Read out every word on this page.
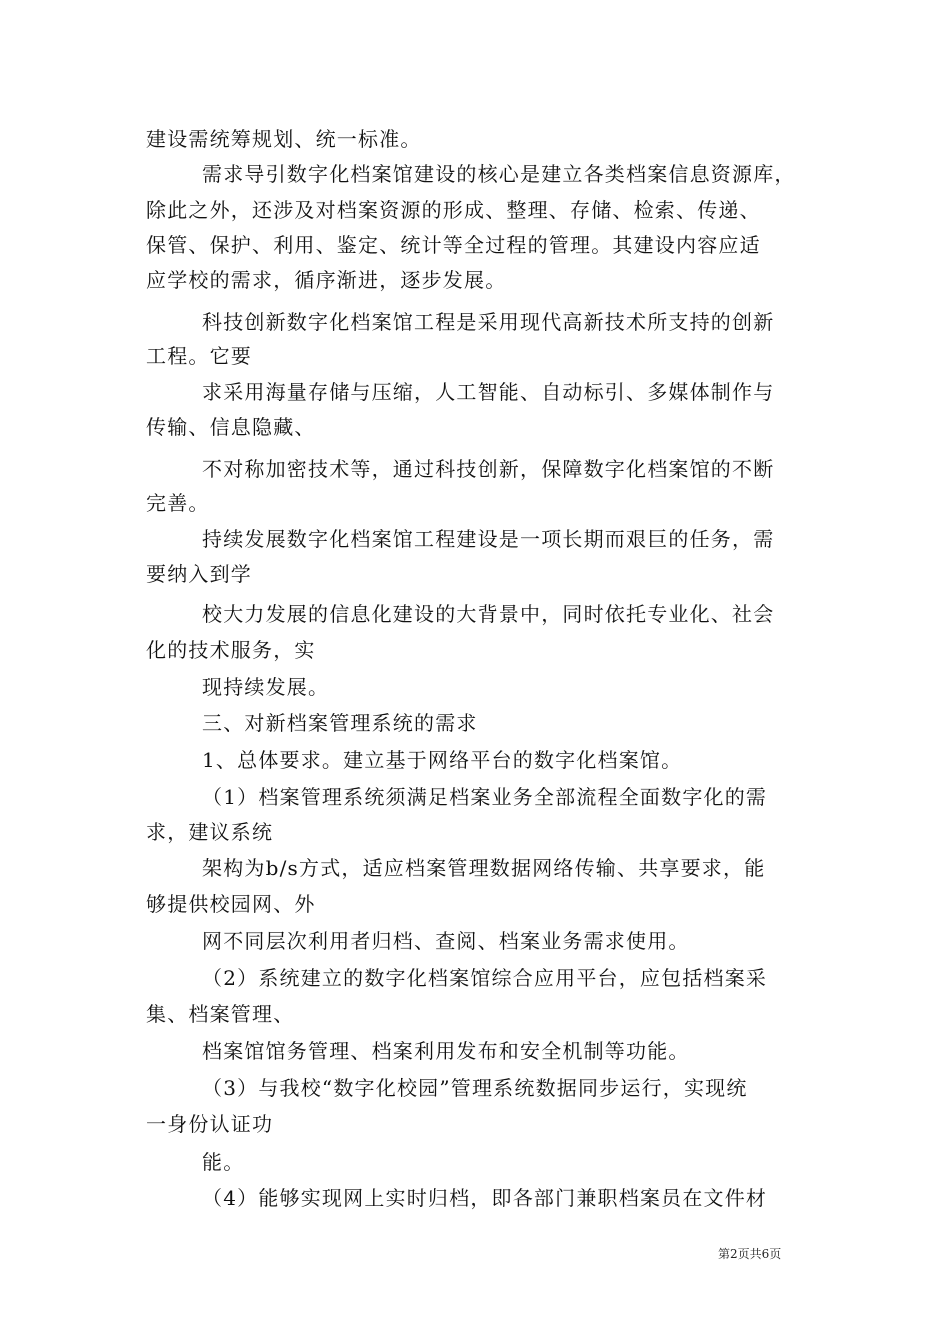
建设需统筹规划、统一标准。
需求导引数字化档案馆建设的核心是建立各类档案信息资源库，
除此之外，还涉及对档案资源的形成、整理、存储、检索、传递、
保管、保护、利用、鉴定、统计等全过程的管理。其建设内容应适
应学校的需求，循序渐进，逐步发展。
科技创新数字化档案馆工程是采用现代高新技术所支持的创新
工程。它要
求采用海量存储与压缩，人工智能、自动标引、多媒体制作与
传输、信息隐藏、
不对称加密技术等，通过科技创新，保障数字化档案馆的不断
完善。
持续发展数字化档案馆工程建设是一项长期而艰巨的任务，需
要纳入到学
校大力发展的信息化建设的大背景中，同时依托专业化、社会
化的技术服务，实
现持续发展。
三、对新档案管理系统的需求
1、总体要求。建立基于网络平台的数字化档案馆。
（1）档案管理系统须满足档案业务全部流程全面数字化的需
求，建议系统
架构为b/s方式，适应档案管理数据网络传输、共享要求，能
够提供校园网、外
网不同层次利用者归档、查阅、档案业务需求使用。
（2）系统建立的数字化档案馆综合应用平台，应包括档案采
集、档案管理、
档案馆馆务管理、档案利用发布和安全机制等功能。
（3）与我校“数字化校园”管理系统数据同步运行，实现统
一身份认证功
能。
（4）能够实现网上实时归档，即各部门兼职档案员在文件材
第2页共6页
